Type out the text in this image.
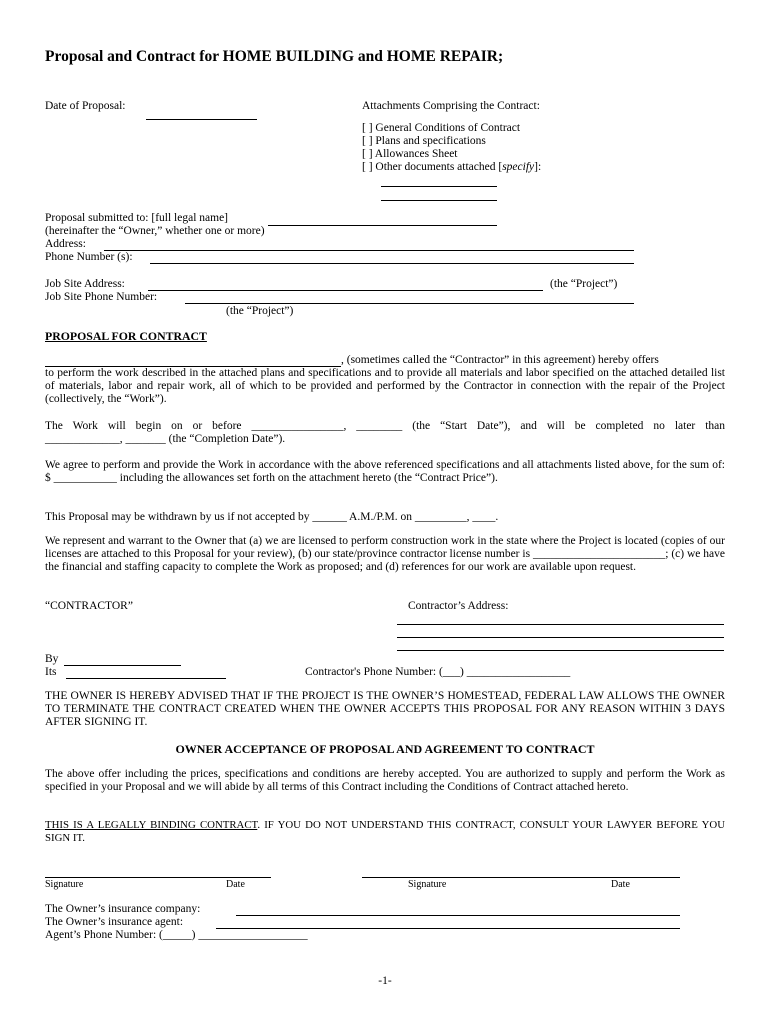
Proposal and Contract for HOME BUILDING and HOME REPAIR;
Date of Proposal:	Attachments Comprising the Contract:
[ ] General Conditions of Contract
[ ] Plans and specifications
[ ] Allowances Sheet
[ ] Other documents attached [specify]:
Proposal submitted to: [full legal name]
(hereinafter the “Owner,” whether one or more)
Address:
Phone Number (s):
Job Site Address:	(the “Project”)
Job Site Phone Number:
(the “Project”)
PROPOSAL FOR CONTRACT
, (sometimes called the “Contractor” in this agreement) hereby offers
to perform the work described in the attached plans and specifications and to provide all materials and labor specified on the attached detailed list of materials, labor and repair work, all of which to be provided and performed by the Contractor in connection with the repair of the Project (collectively, the “Work”).
The Work will begin on or before ________________, ________ (the “Start Date”), and will be completed no later than
_____________, _______ (the “Completion Date”).
We agree to perform and provide the Work in accordance with the above referenced specifications and all attachments listed above, for the sum of: $ ___________ including the allowances set forth on the attachment hereto (the “Contract Price”).
This Proposal may be withdrawn by us if not accepted by ______ A.M./P.M. on _________, ____.
We represent and warrant to the Owner that (a) we are licensed to perform construction work in the state where the Project is located (copies of our licenses are attached to this Proposal for your review), (b) our state/province contractor license number is _______________________; (c) we have the financial and staffing capacity to complete the Work as proposed; and (d) references for our work are available upon request.
“CONTRACTOR”	Contractor’s Address:
By
Its	Contractor's Phone Number: (___) __________________
THE OWNER IS HEREBY ADVISED THAT IF THE PROJECT IS THE OWNER’S HOMESTEAD, FEDERAL LAW ALLOWS THE OWNER TO TERMINATE THE CONTRACT CREATED WHEN THE OWNER ACCEPTS THIS PROPOSAL FOR ANY REASON WITHIN 3 DAYS AFTER SIGNING IT.
OWNER ACCEPTANCE OF PROPOSAL AND AGREEMENT TO CONTRACT
The above offer including the prices, specifications and conditions are hereby accepted. You are authorized to supply and perform the Work as specified in your Proposal and we will abide by all terms of this Contract including the Conditions of Contract attached hereto.
THIS IS A LEGALLY BINDING CONTRACT. IF YOU DO NOT UNDERSTAND THIS CONTRACT, CONSULT YOUR LAWYER BEFORE YOU SIGN IT.
Signature	Date	Signature	Date
The Owner’s insurance company:
The Owner’s insurance agent:
Agent’s Phone Number: (_____) ___________________
-1-
